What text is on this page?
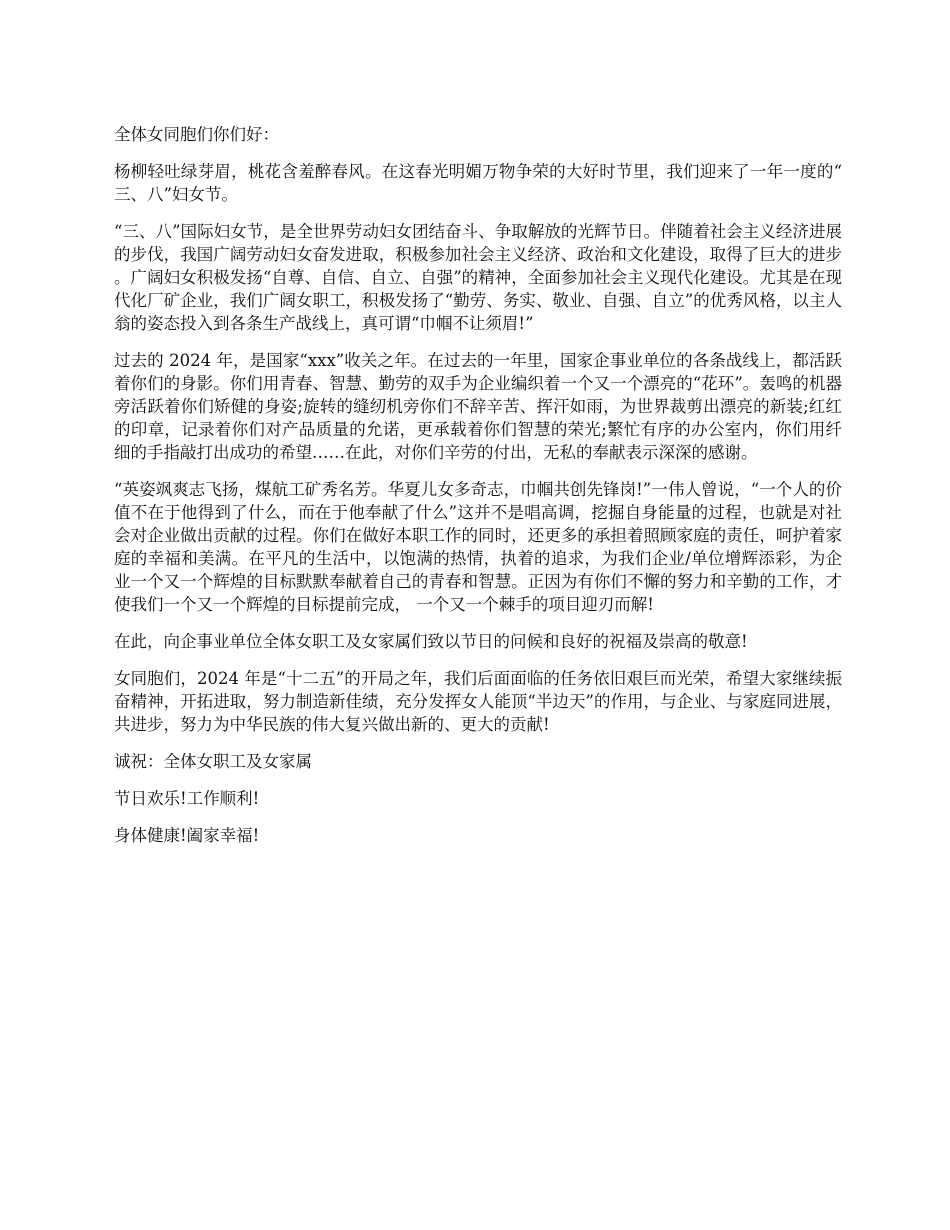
全体女同胞们你们好：

杨柳轻吐绿芽眉，桃花含羞醉春风。在这春光明媚万物争荣的大好时节里，我们迎来了一年一度的“三、八”妇女节。

“三、八”国际妇女节，是全世界劳动妇女团结奋斗、争取解放的光辉节日。伴随着社会主义经济进展的步伐，我国广阔劳动妇女奋发进取，积极参加社会主义经济、政治和文化建设，取得了巨大的进步。广阔妇女积极发扬“自尊、自信、自立、自强”的精神，全面参加社会主义现代化建设。尤其是在现代化厂矿企业，我们广阔女职工，积极发扬了“勤劳、务实、敬业、自强、自立”的优秀风格，以主人翁的姿态投入到各条生产战线上，真可谓“巾帼不让须眉!”

过去的 2024 年，是国家“xxx”收关之年。在过去的一年里，国家企事业单位的各条战线上，都活跃着你们的身影。你们用青春、智慧、勤劳的双手为企业编织着一个又一个漂亮的“花环”。轰鸣的机器旁活跃着你们矫健的身姿;旋转的缝纫机旁你们不辞辛苦、挥汗如雨，为世界裁剪出漂亮的新装;红红的印章，记录着你们对产品质量的允诺，更承载着你们智慧的荣光;繁忙有序的办公室内，你们用纤细的手指敲打出成功的希望……在此，对你们辛劳的付出，无私的奉献表示深深的感谢。

“英姿飒爽志飞扬，煤航工矿秀名芳。华夏儿女多奇志，巾帼共创先锋岗!”一伟人曾说，“一个人的价值不在于他得到了什么，而在于他奉献了什么”这并不是唱高调，挖掘自身能量的过程，也就是对社会对企业做出贡献的过程。你们在做好本职工作的同时，还更多的承担着照顾家庭的责任，呵护着家庭的幸福和美满。在平凡的生活中，以饱满的热情，执着的追求，为我们企业/单位增辉添彩，为企业一个又一个辉煌的目标默默奉献着自己的青春和智慧。正因为有你们不懈的努力和辛勤的工作，才使我们一个又一个辉煌的目标提前完成， 一个又一个棘手的项目迎刃而解!

在此，向企事业单位全体女职工及女家属们致以节日的问候和良好的祝福及崇高的敬意!

女同胞们，2024 年是“十二五”的开局之年，我们后面面临的任务依旧艰巨而光荣，希望大家继续振奋精神，开拓进取，努力制造新佳绩，充分发挥女人能顶“半边天”的作用，与企业、与家庭同进展，共进步，努力为中华民族的伟大复兴做出新的、更大的贡献!

诚祝：全体女职工及女家属

节日欢乐!工作顺利!

身体健康!阖家幸福!
